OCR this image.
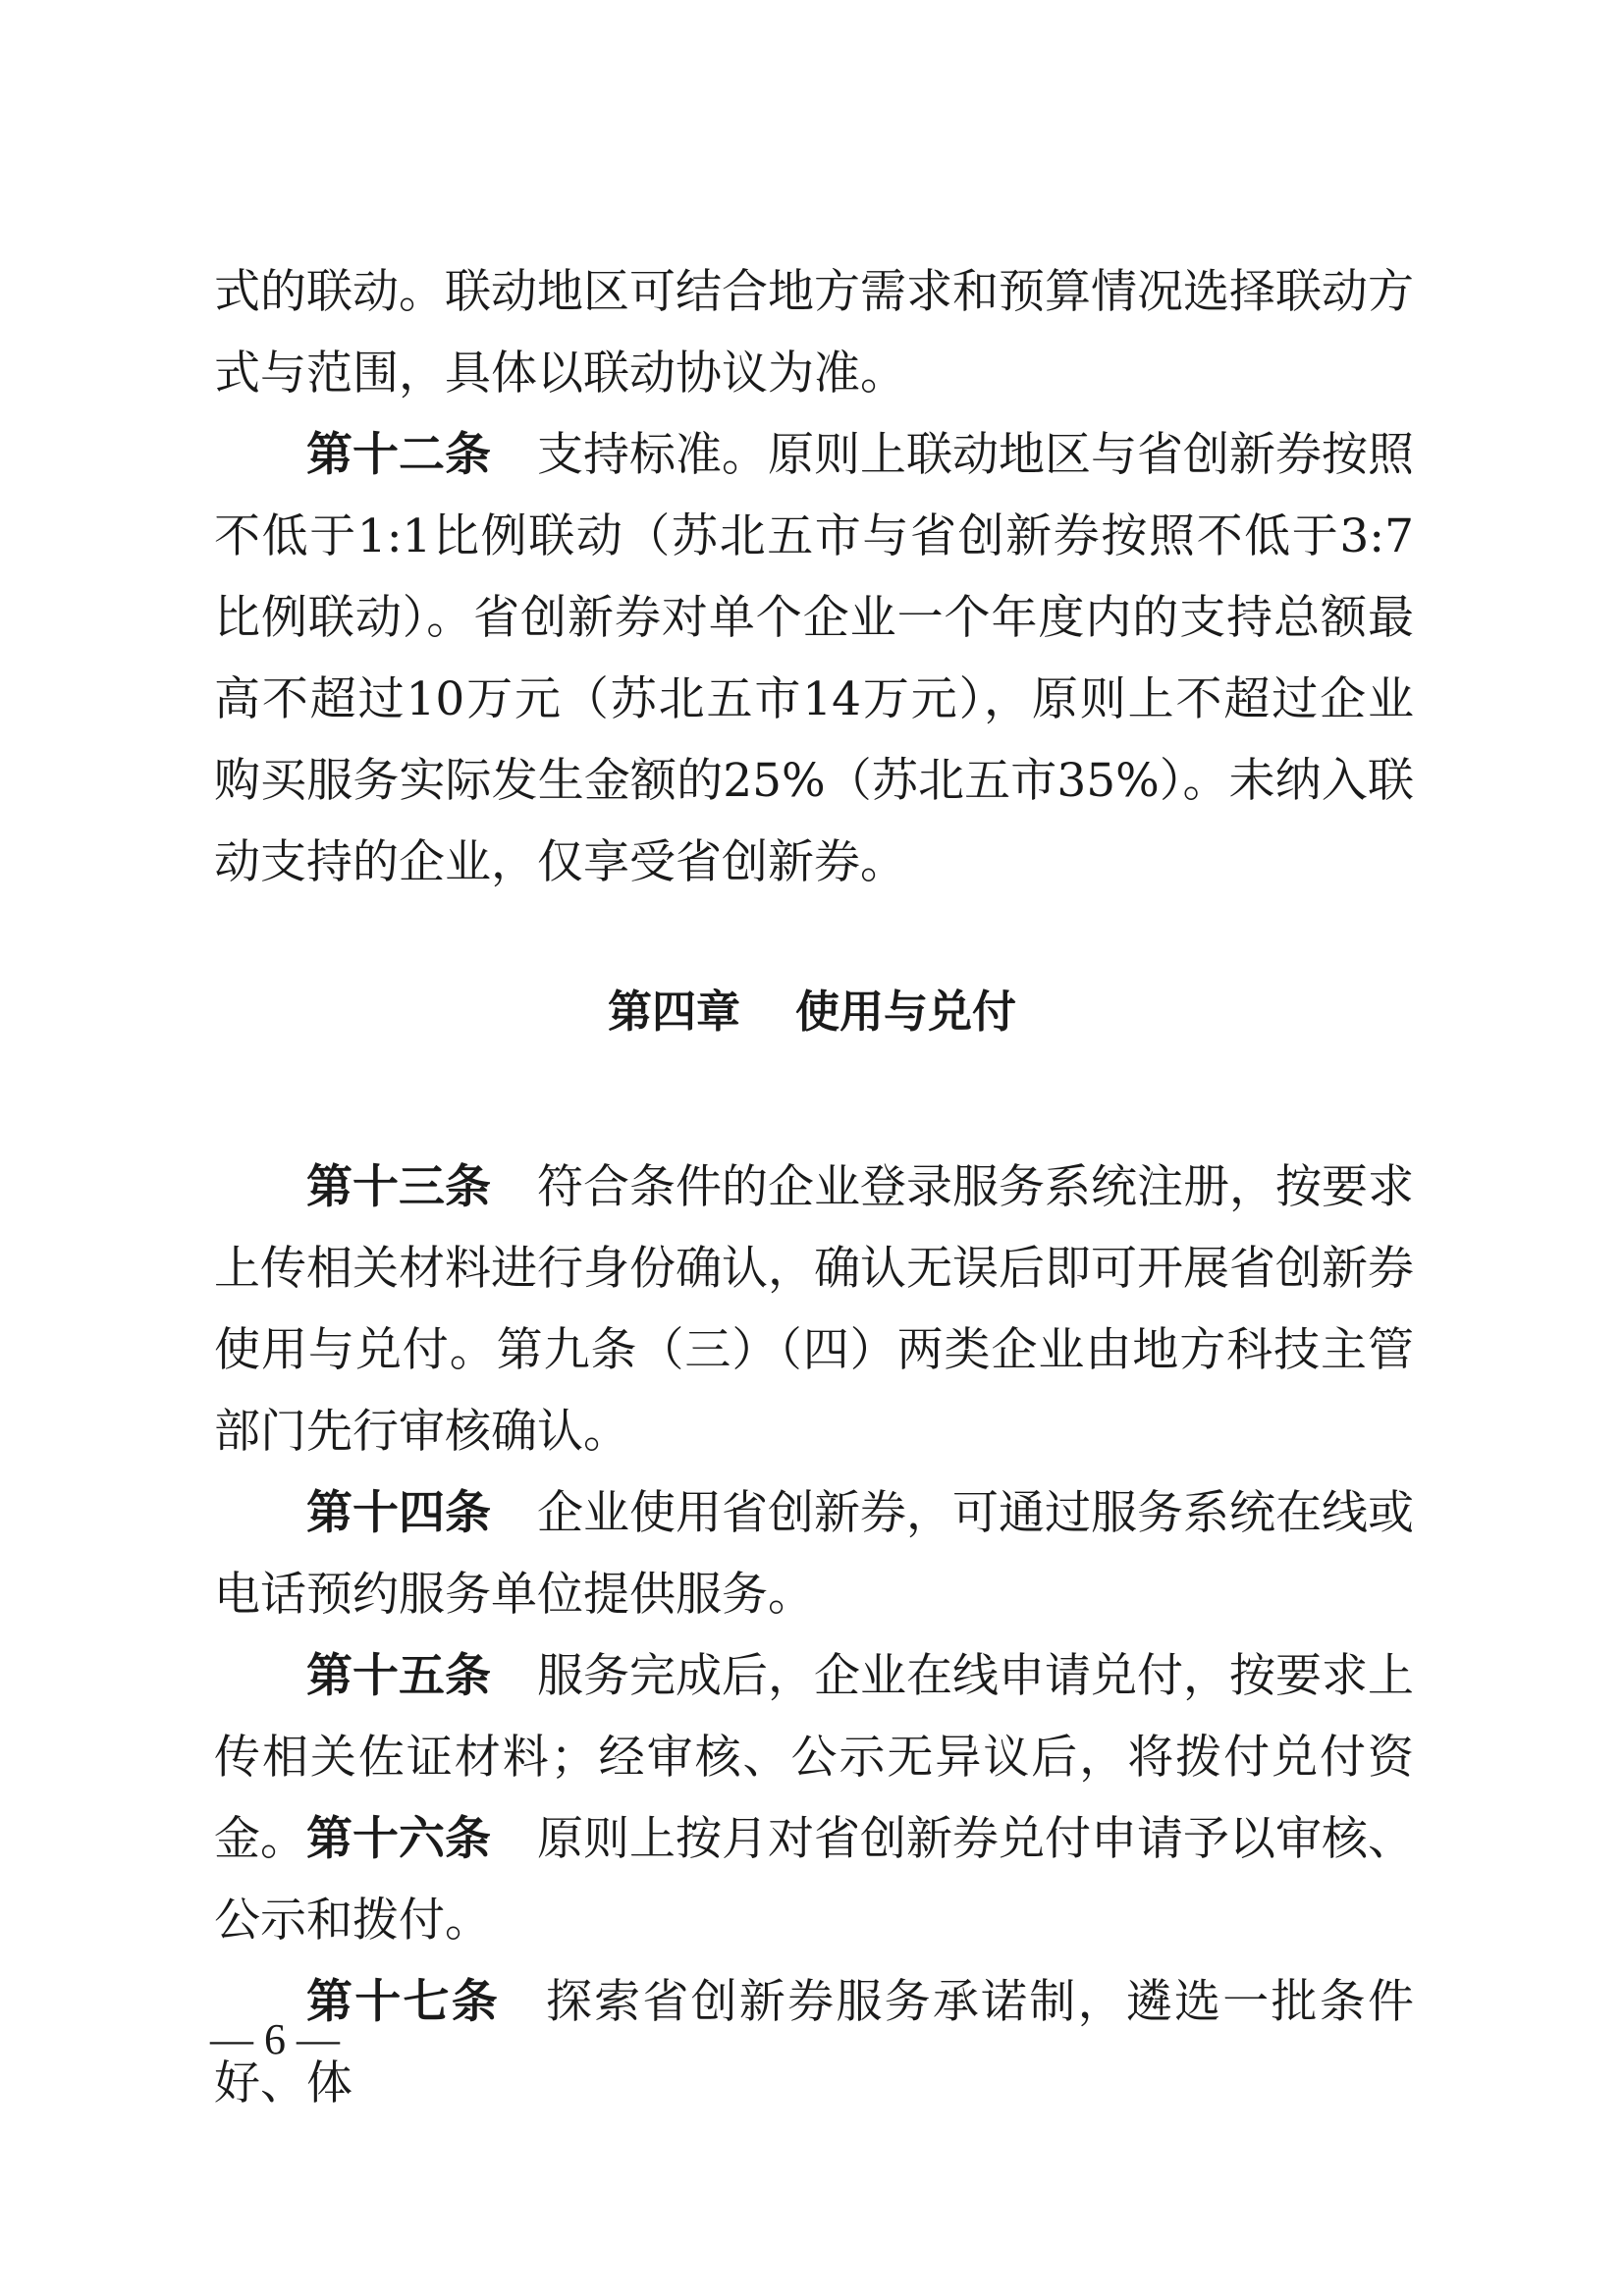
式的联动。联动地区可结合地方需求和预算情况选择联动方式与范围，具体以联动协议为准。

第十二条 支持标准。原则上联动地区与省创新券按照不低于1:1比例联动（苏北五市与省创新券按照不低于3:7比例联动）。省创新券对单个企业一个年度内的支持总额最高不超过10万元（苏北五市14万元），原则上不超过企业购买服务实际发生金额的25%（苏北五市35%）。未纳入联动支持的企业，仅享受省创新券。

第四章 使用与兑付

第十三条 符合条件的企业登录服务系统注册，按要求上传相关材料进行身份确认，确认无误后即可开展省创新券使用与兑付。第九条（三）（四）两类企业由地方科技主管部门先行审核确认。

第十四条 企业使用省创新券，可通过服务系统在线或电话预约服务单位提供服务。

第十五条 服务完成后，企业在线申请兑付，按要求上传相关佐证材料；经审核、公示无异议后，将拨付兑付资金。 第十六条 原则上按月对省创新券兑付申请予以审核、公示和拨付。

第十七条 探索省创新券服务承诺制，遴选一批条件好、体

— 6 —
